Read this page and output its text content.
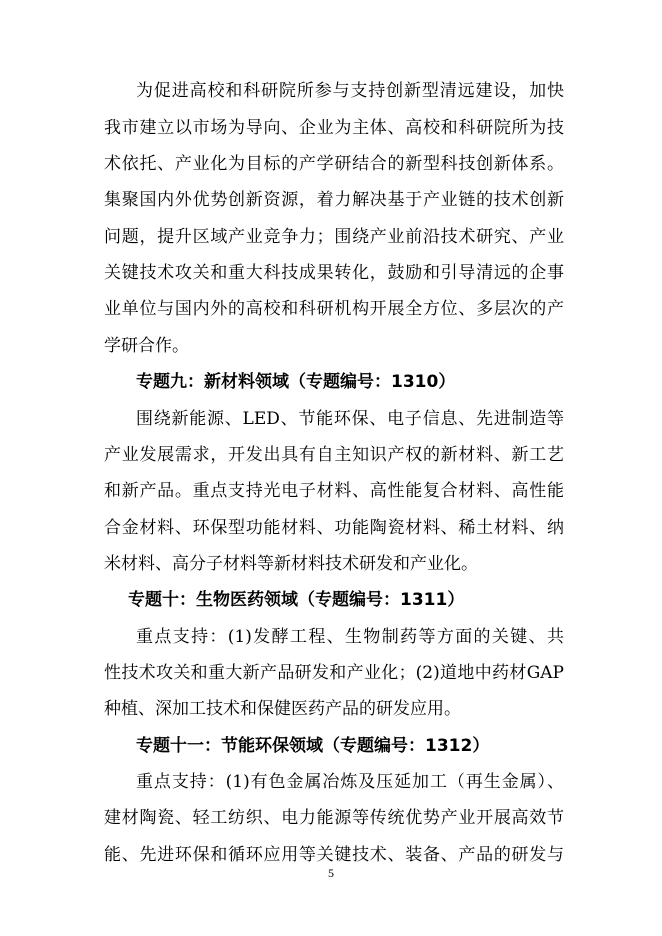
为促进高校和科研院所参与支持创新型清远建设，加快
我市建立以市场为导向、企业为主体、高校和科研院所为技
术依托、产业化为目标的产学研结合的新型科技创新体系。
集聚国内外优势创新资源，着力解决基于产业链的技术创新
问题，提升区域产业竞争力；围绕产业前沿技术研究、产业
关键技术攻关和重大科技成果转化，鼓励和引导清远的企事
业单位与国内外的高校和科研机构开展全方位、多层次的产
学研合作。
专题九：新材料领域（专题编号：1310）
围绕新能源、LED、节能环保、电子信息、先进制造等
产业发展需求，开发出具有自主知识产权的新材料、新工艺
和新产品。重点支持光电子材料、高性能复合材料、高性能
合金材料、环保型功能材料、功能陶瓷材料、稀土材料、纳
米材料、高分子材料等新材料技术研发和产业化。
专题十：生物医药领域（专题编号：1311）
重点支持：(1)发酵工程、生物制药等方面的关键、共
性技术攻关和重大新产品研发和产业化；(2)道地中药材GAP
种植、深加工技术和保健医药产品的研发应用。
专题十一：节能环保领域（专题编号：1312）
重点支持：(1)有色金属冶炼及压延加工（再生金属）、
建材陶瓷、轻工纺织、电力能源等传统优势产业开展高效节
能、先进环保和循环应用等关键技术、装备、产品的研发与
5
